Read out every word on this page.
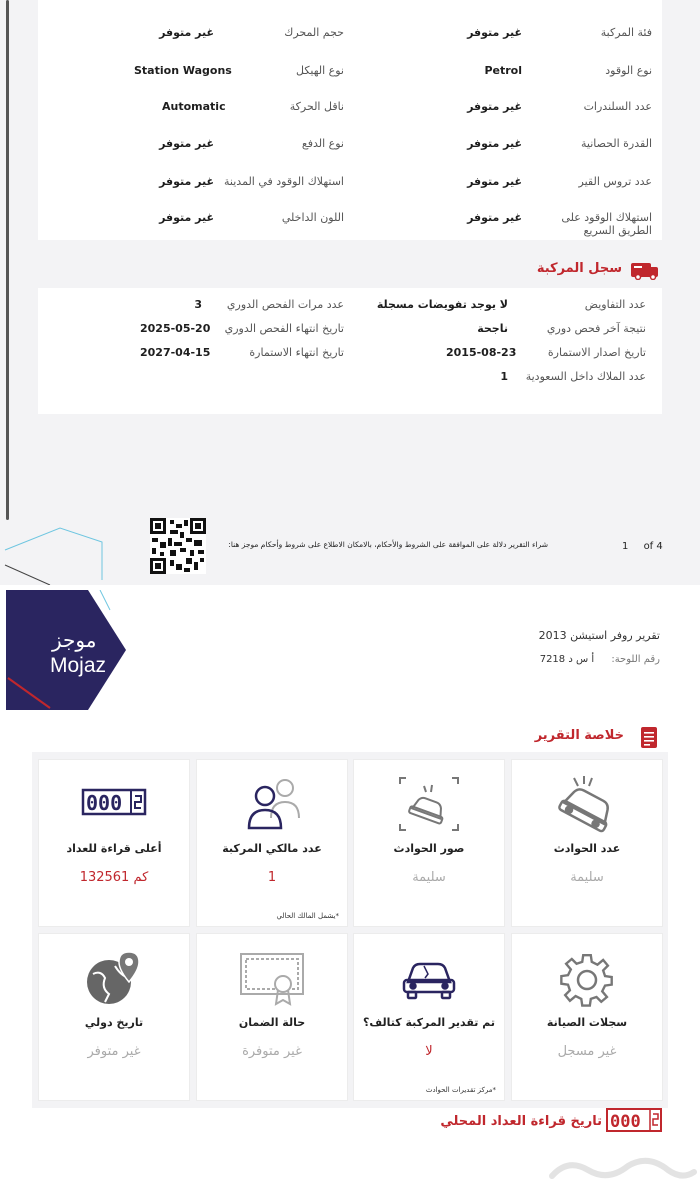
فئة المركبة
غير متوفر
نوع الوقود
Petrol
عدد السلندرات
غير متوفر
القدرة الحصانية
غير متوفر
عدد تروس القير
غير متوفر
استهلاك الوقود على الطريق السريع
غير متوفر
حجم المحرك
غير متوفر
نوع الهيكل
Station Wagons
ناقل الحركة
Automatic
نوع الدفع
غير متوفر
استهلاك الوقود في المدينة
غير متوفر
اللون الداخلي
غير متوفر
سجل المركبة
عدد التفاويض
لا يوجد تفويضات مسجلة
نتيجة آخر فحص دوري
ناجحة
تاريخ اصدار الاستمارة
2015-08-23
عدد الملاك داخل السعودية
1
عدد مرات الفحص الدوري
3
تاريخ انتهاء الفحص الدوري
2025-05-20
تاريخ انتهاء الاستمارة
2027-04-15
شراء التقرير دلالة على الموافقة على الشروط والأحكام، بالامكان الاطلاع على شروط وأحكام موجز هنا:	1 of 4
موجز
Mojaz
تقرير روفر استيشن 2013
رقم اللوحة: أ س د 7218
خلاصة التقرير
عدد الحوادث
سليمة
صور الحوادث
سليمة
عدد مالكي المركبة
1
*يشمل المالك الحالي
000
أعلى قراءة للعداد
132561 كم
سجلات الصيانة
غير مسجل
تم تقدير المركبة كتالف؟
لا
*مركز تقديرات الحوادث
حالة الضمان
غير متوفرة
تاريخ دولي
غير متوفر
000
تاريخ قراءة العداد المحلي
